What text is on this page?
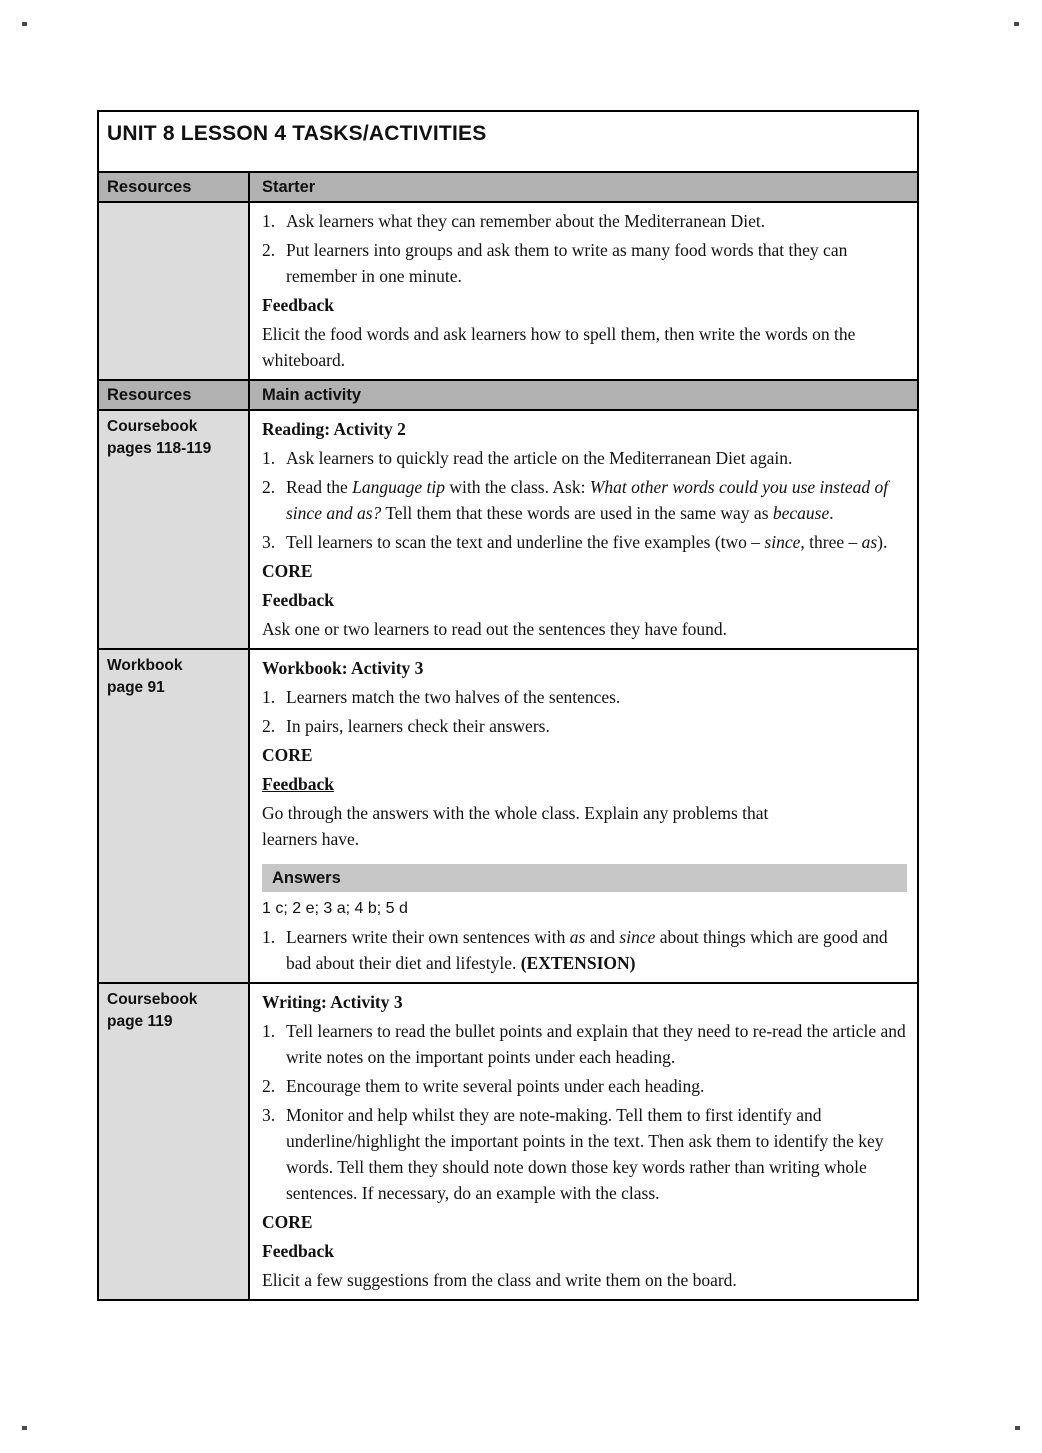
UNIT 8 LESSON 4 TASKS/ACTIVITIES
Resources	Starter
1. Ask learners what they can remember about the Mediterranean Diet.
2. Put learners into groups and ask them to write as many food words that they can remember in one minute.
Feedback
Elicit the food words and ask learners how to spell them, then write the words on the whiteboard.
Resources	Main activity
Coursebook
pages 118-119
Reading: Activity 2
1. Ask learners to quickly read the article on the Mediterranean Diet again.
2. Read the Language tip with the class. Ask: What other words could you use instead of since and as? Tell them that these words are used in the same way as because.
3. Tell learners to scan the text and underline the five examples (two – since, three – as).
CORE
Feedback
Ask one or two learners to read out the sentences they have found.
Workbook
page 91
Workbook: Activity 3
1. Learners match the two halves of the sentences.
2. In pairs, learners check their answers.
CORE
Feedback
Go through the answers with the whole class. Explain any problems that
learners have.
Answers
1 c; 2 e; 3 a; 4 b; 5 d
1. Learners write their own sentences with as and since about things which are good and bad about their diet and lifestyle. (EXTENSION)
Coursebook
page 119
Writing: Activity 3
1. Tell learners to read the bullet points and explain that they need to re-read the article and write notes on the important points under each heading.
2. Encourage them to write several points under each heading.
3. Monitor and help whilst they are note-making. Tell them to first identify and underline/highlight the important points in the text. Then ask them to identify the key words. Tell them they should note down those key words rather than writing whole sentences. If necessary, do an example with the class.
CORE
Feedback
Elicit a few suggestions from the class and write them on the board.
